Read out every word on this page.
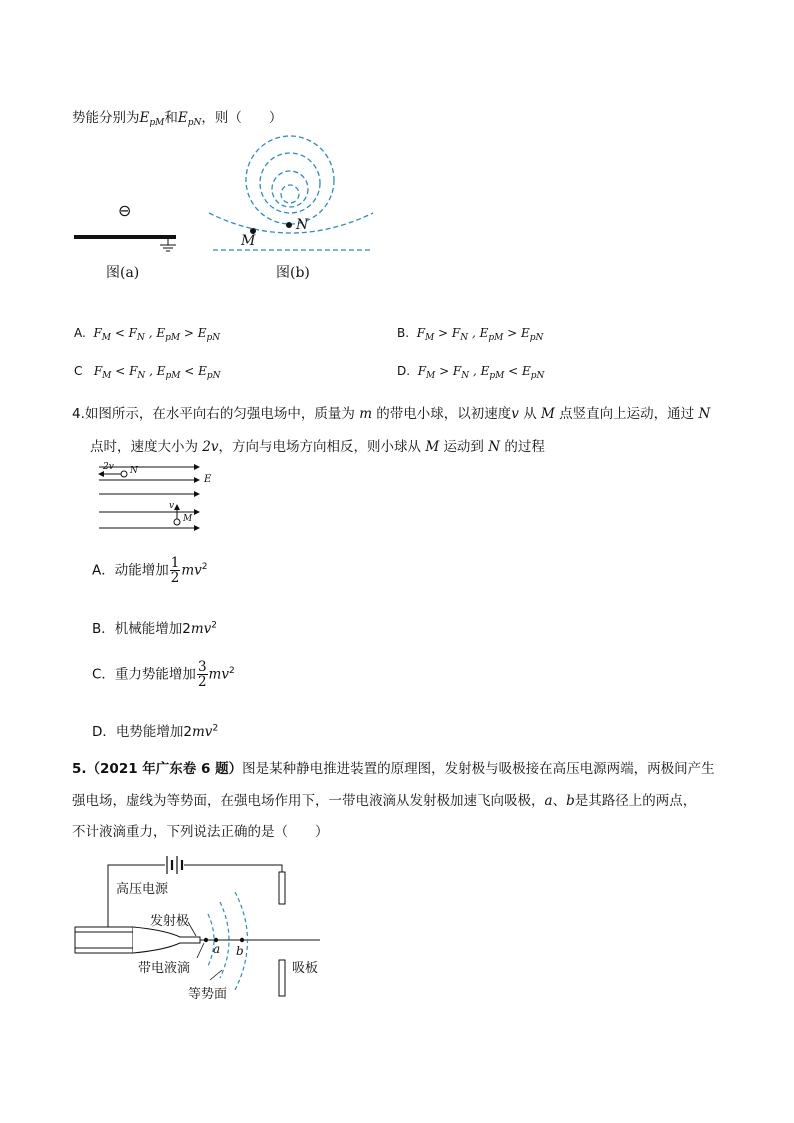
势能分别为$E_{pM}$和$E_{pN}$，则（　　）
⊖
图(a)
M
N
图(b)
A. $F_M < F_N$ , $E_{pM} > E_{pN}$	B. $F_M > F_N$ , $E_{pM} > E_{pN}$
C $F_M < F_N$ , $E_{pM} < E_{pN}$	D. $F_M > F_N$ , $E_{pM} < E_{pN}$
4.如图所示，在水平向右的匀强电场中，质量为 m 的带电小球，以初速度v 从 M 点竖直向上运动，通过 N
点时，速度大小为 2v，方向与电场方向相反，则小球从 M 运动到 N 的过程
2v N
E
v
M
A．动能增加 $\frac{1}{2} mv^2$
B．机械能增加$2mv^2$
C．重力势能增加 $\frac{3}{2} mv^2$
D．电势能增加$2mv^2$
5.（2021 年广东卷 6 题）图是某种静电推进装置的原理图，发射极与吸极接在高压电源两端，两极间产生
强电场，虚线为等势面，在强电场作用下，一带电液滴从发射极加速飞向吸极，a、b是其路径上的两点，
不计液滴重力，下列说法正确的是（　　）
高压电源
发射极
带电液滴
等势面
吸板
a b
